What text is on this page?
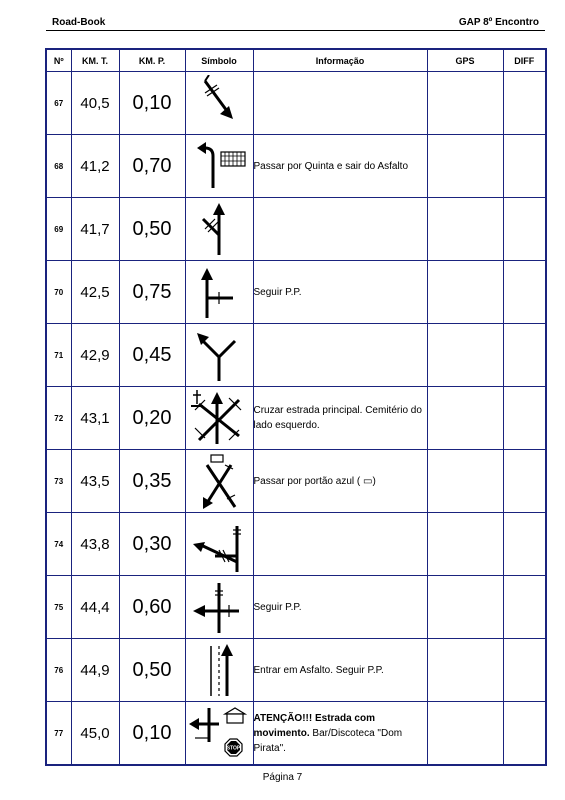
Road-Book	GAP 8º Encontro
Nº	KM. T.	KM. P.	Símbolo	Informação	GPS	DIFF
67	40,5	0,10	

68	41,2	0,70		Passar por Quinta e sair do Asfalto		
69	41,7	0,50	

70	42,5	0,75		Seguir P.P.		
71	42,9	0,45	

72	43,1	0,20		Cruzar estrada principal. Cemitério do lado esquerdo.		
73	43,5	0,35		Passar por portão azul ( ▭)		
74	43,8	0,30	

75	44,4	0,60		Seguir P.P.		
76	44,9	0,50		Entrar em Asfalto. Seguir P.P.		
77	45,0	0,10	STOP	ATENÇÃO!!! Estrada com movimento. Bar/Discoteca "Dom Pirata".		
Página 7
